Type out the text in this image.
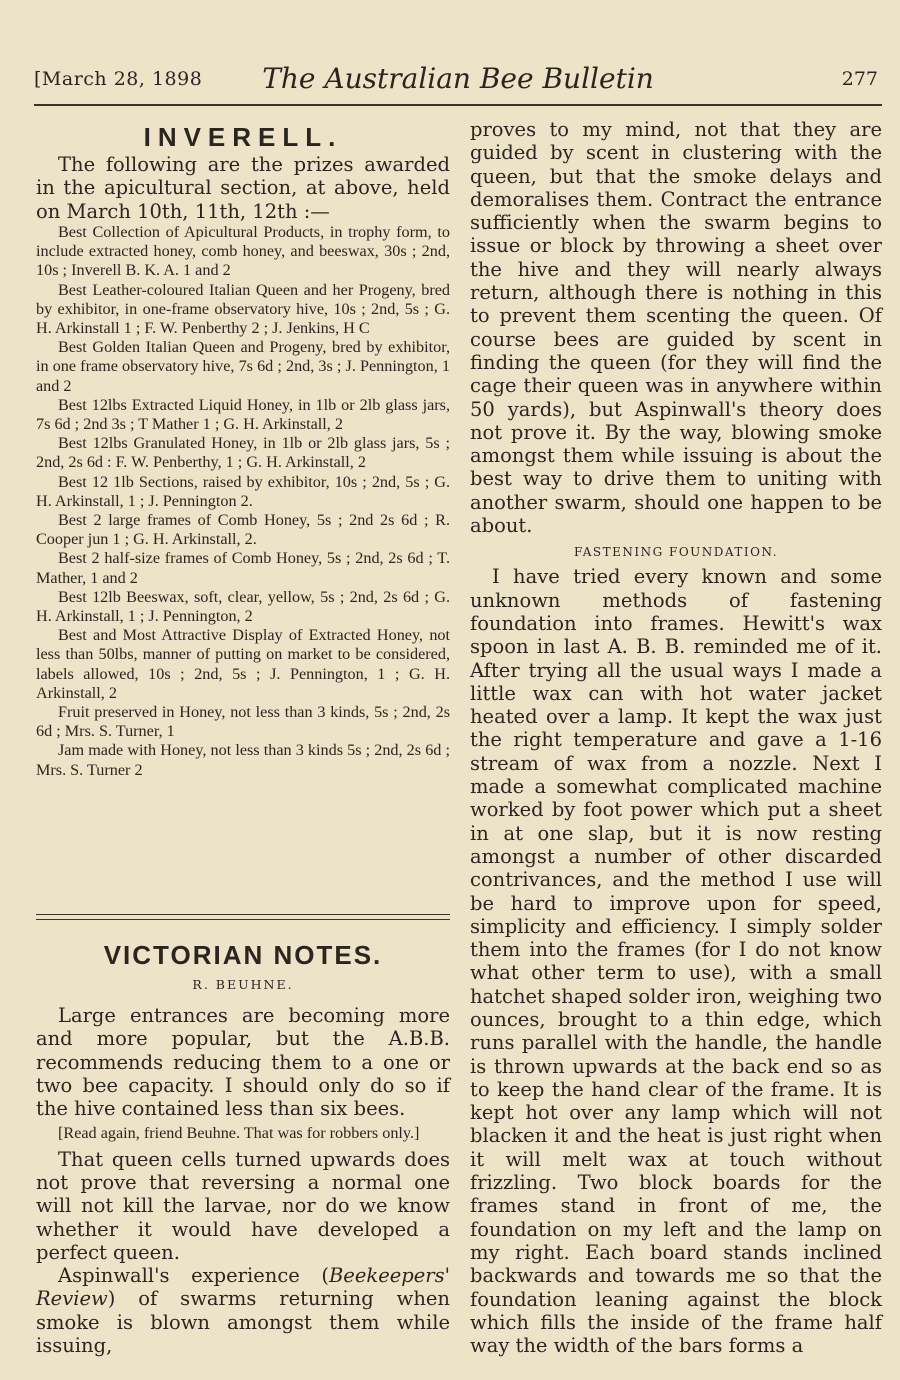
[March 28, 1898	The Australian Bee Bulletin	277
INVERELL.

The following are the prizes awarded in the apicultural section, at above, held on March 10th, 11th, 12th :—

Best Collection of Apicultural Products, in trophy form, to include extracted honey, comb honey, and beeswax, 30s ; 2nd, 10s ; Inverell B. K. A. 1 and 2

Best Leather-coloured Italian Queen and her Progeny, bred by exhibitor, in one-frame observatory hive, 10s ; 2nd, 5s ; G. H. Arkinstall 1 ; F. W. Penberthy 2 ; J. Jenkins, H C

Best Golden Italian Queen and Progeny, bred by exhibitor, in one frame observatory hive, 7s 6d ; 2nd, 3s ; J. Pennington, 1 and 2

Best 12lbs Extracted Liquid Honey, in 1lb or 2lb glass jars, 7s 6d ; 2nd 3s ; T Mather 1 ; G. H. Arkinstall, 2

Best 12lbs Granulated Honey, in 1lb or 2lb glass jars, 5s ; 2nd, 2s 6d : F. W. Penberthy, 1 ; G. H. Arkinstall, 2

Best 12 1lb Sections, raised by exhibitor, 10s ; 2nd, 5s ; G. H. Arkinstall, 1 ; J. Pennington 2.

Best 2 large frames of Comb Honey, 5s ; 2nd 2s 6d ; R. Cooper jun 1 ; G. H. Arkinstall, 2.

Best 2 half-size frames of Comb Honey, 5s ; 2nd, 2s 6d ; T. Mather, 1 and 2

Best 12lb Beeswax, soft, clear, yellow, 5s ; 2nd, 2s 6d ; G. H. Arkinstall, 1 ; J. Pennington, 2

Best and Most Attractive Display of Extracted Honey, not less than 50lbs, manner of putting on market to be considered, labels allowed, 10s ; 2nd, 5s ; J. Pennington, 1 ; G. H. Arkinstall, 2

Fruit preserved in Honey, not less than 3 kinds, 5s ; 2nd, 2s 6d ; Mrs. S. Turner, 1

Jam made with Honey, not less than 3 kinds 5s ; 2nd, 2s 6d ; Mrs. S. Turner 2

VICTORIAN NOTES.

R. BEUHNE.

Large entrances are becoming more and more popular, but the A.B.B. recommends reducing them to a one or two bee capacity. I should only do so if the hive contained less than six bees.

[Read again, friend Beuhne. That was for robbers only.]

That queen cells turned upwards does not prove that reversing a normal one will not kill the larvae, nor do we know whether it would have developed a perfect queen.

Aspinwall's experience (Beekeepers' Review) of swarms returning when smoke is blown amongst them while issuing,

proves to my mind, not that they are guided by scent in clustering with the queen, but that the smoke delays and demoralises them. Contract the entrance sufficiently when the swarm begins to issue or block by throwing a sheet over the hive and they will nearly always return, although there is nothing in this to prevent them scenting the queen. Of course bees are guided by scent in finding the queen (for they will find the cage their queen was in anywhere within 50 yards), but Aspinwall's theory does not prove it. By the way, blowing smoke amongst them while issuing is about the best way to drive them to uniting with another swarm, should one happen to be about.

FASTENING FOUNDATION.

I have tried every known and some unknown methods of fastening foundation into frames. Hewitt's wax spoon in last A. B. B. reminded me of it. After trying all the usual ways I made a little wax can with hot water jacket heated over a lamp. It kept the wax just the right temperature and gave a 1-16 stream of wax from a nozzle. Next I made a somewhat complicated machine worked by foot power which put a sheet in at one slap, but it is now resting amongst a number of other discarded contrivances, and the method I use will be hard to improve upon for speed, simplicity and efficiency. I simply solder them into the frames (for I do not know what other term to use), with a small hatchet shaped solder iron, weighing two ounces, brought to a thin edge, which runs parallel with the handle, the handle is thrown upwards at the back end so as to keep the hand clear of the frame. It is kept hot over any lamp which will not blacken it and the heat is just right when it will melt wax at touch without frizzling. Two block boards for the frames stand in front of me, the foundation on my left and the lamp on my right. Each board stands inclined backwards and towards me so that the foundation leaning against the block which fills the inside of the frame half way the width of the bars forms a
